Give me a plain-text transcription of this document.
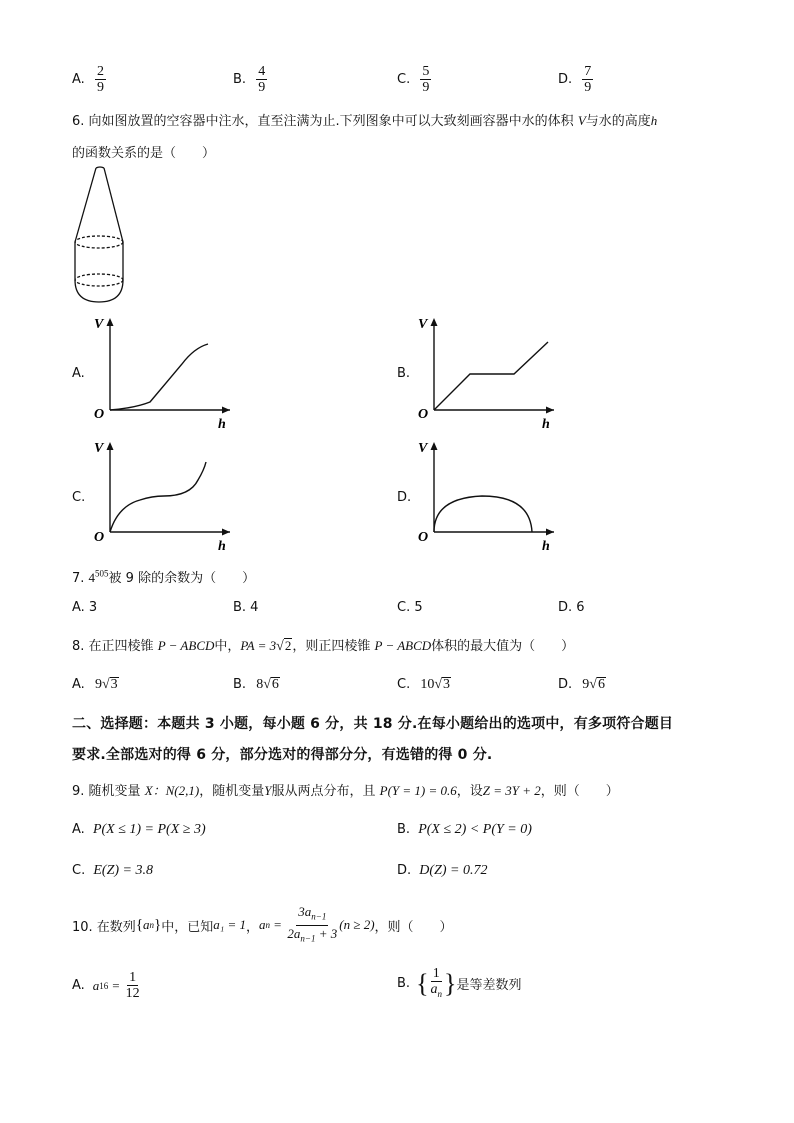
A. $\frac{2}{9}$	B. $\frac{4}{9}$	C. $\frac{5}{9}$	D. $\frac{7}{9}$
6. 向如图放置的空容器中注水，直至注满为止.下列图象中可以大致刻画容器中水的体积 V与水的高度h
的函数关系的是（　　）
A.
V
O
h
B.
V
O
h
C.
V
O
h
D.
V
O
h
7. $4^{505}$被 9 除的余数为（　　）
A. 3	B. 4	C. 5	D. 6
8. 在正四棱锥 P − ABCD中，PA = 3√2，则正四棱锥 P − ABCD体积的最大值为（　　）
A. 9√3	B. 8√6	C. 10√3	D. 9√6
二、选择题：本题共 3 小题，每小题 6 分，共 18 分.在每小题给出的选项中，有多项符合题目
要求.全部选对的得 6 分，部分选对的得部分分，有选错的得 0 分.
9. 随机变量 X：N(2,1)，随机变量Y服从两点分布，且 P(Y = 1) = 0.6，设Z = 3Y + 2，则（　　）
A. P(X ≤ 1) = P(X ≥ 3)	B. P(X ≤ 2) < P(Y = 0)
C. E(Z) = 3.8	D. D(Z) = 0.72
10. 在数列 { a n } 中，已知 a₁ = 1 ， a $n = \frac{3a_{n-1}}{2a_{n-1} + 3} (n \ge 2)$ ，则（　　）
A. a $16 = \frac{1}{12}$	B. { $\frac{1}{a_n}$ } 是等差数列
